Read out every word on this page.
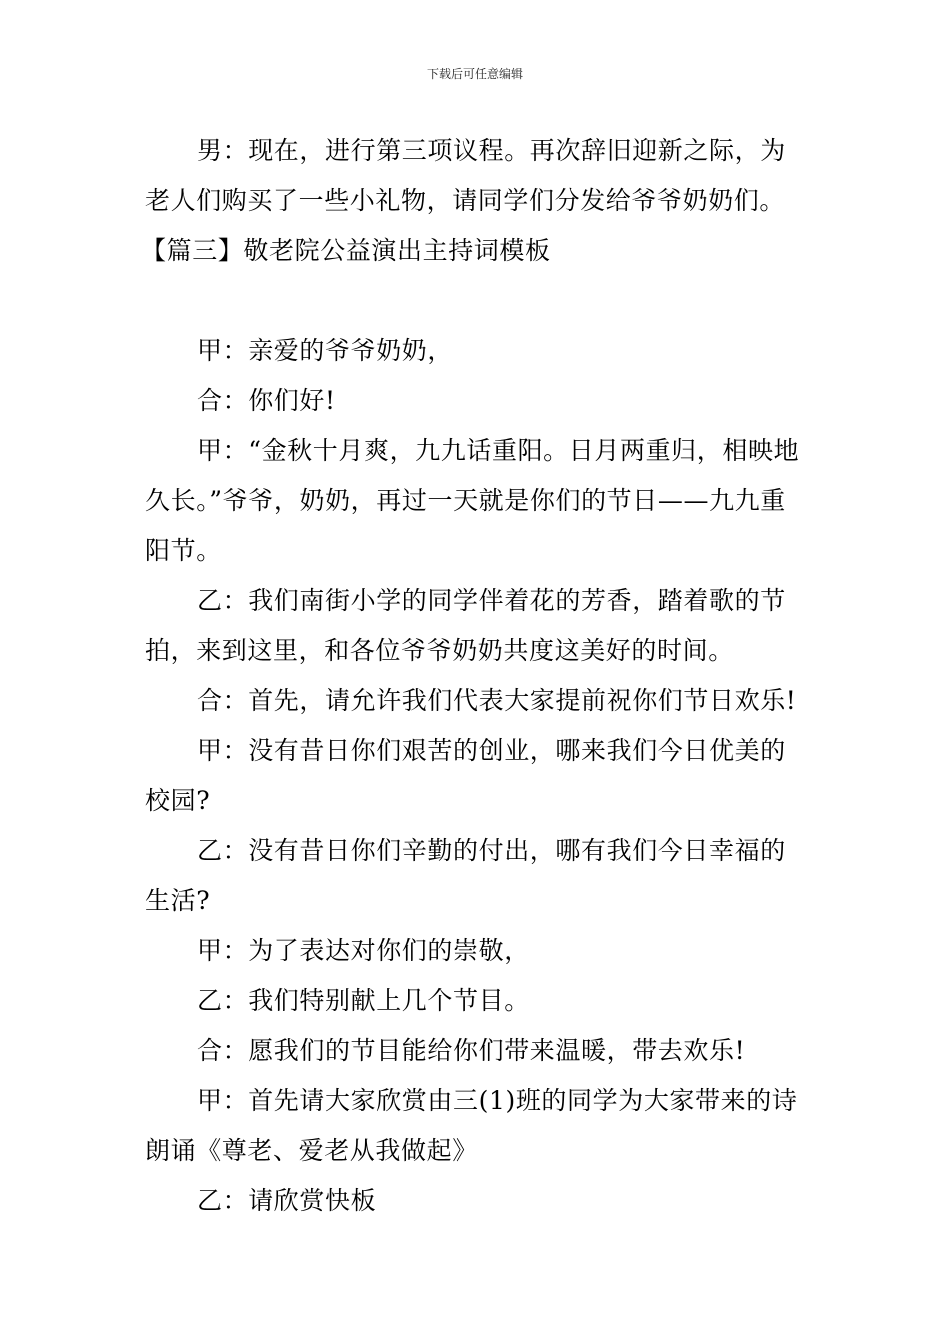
下载后可任意编辑

男：现在，进行第三项议程。再次辞旧迎新之际，为老人们购买了一些小礼物，请同学们分发给爷爷奶奶们。

【篇三】敬老院公益演出主持词模板

甲：亲爱的爷爷奶奶，

合：你们好!

甲：“金秋十月爽，九九话重阳。日月两重归，相映地久长。”爷爷，奶奶，再过一天就是你们的节日——九九重阳节。

乙：我们南街小学的同学伴着花的芳香，踏着歌的节拍，来到这里，和各位爷爷奶奶共度这美好的时间。

合：首先，请允许我们代表大家提前祝你们节日欢乐!

甲：没有昔日你们艰苦的创业，哪来我们今日优美的校园?

乙：没有昔日你们辛勤的付出，哪有我们今日幸福的生活?

甲：为了表达对你们的崇敬，

乙：我们特别献上几个节目。

合：愿我们的节目能给你们带来温暖，带去欢乐!

甲：首先请大家欣赏由三(1)班的同学为大家带来的诗朗诵《尊老、爱老从我做起》

乙：请欣赏快板
